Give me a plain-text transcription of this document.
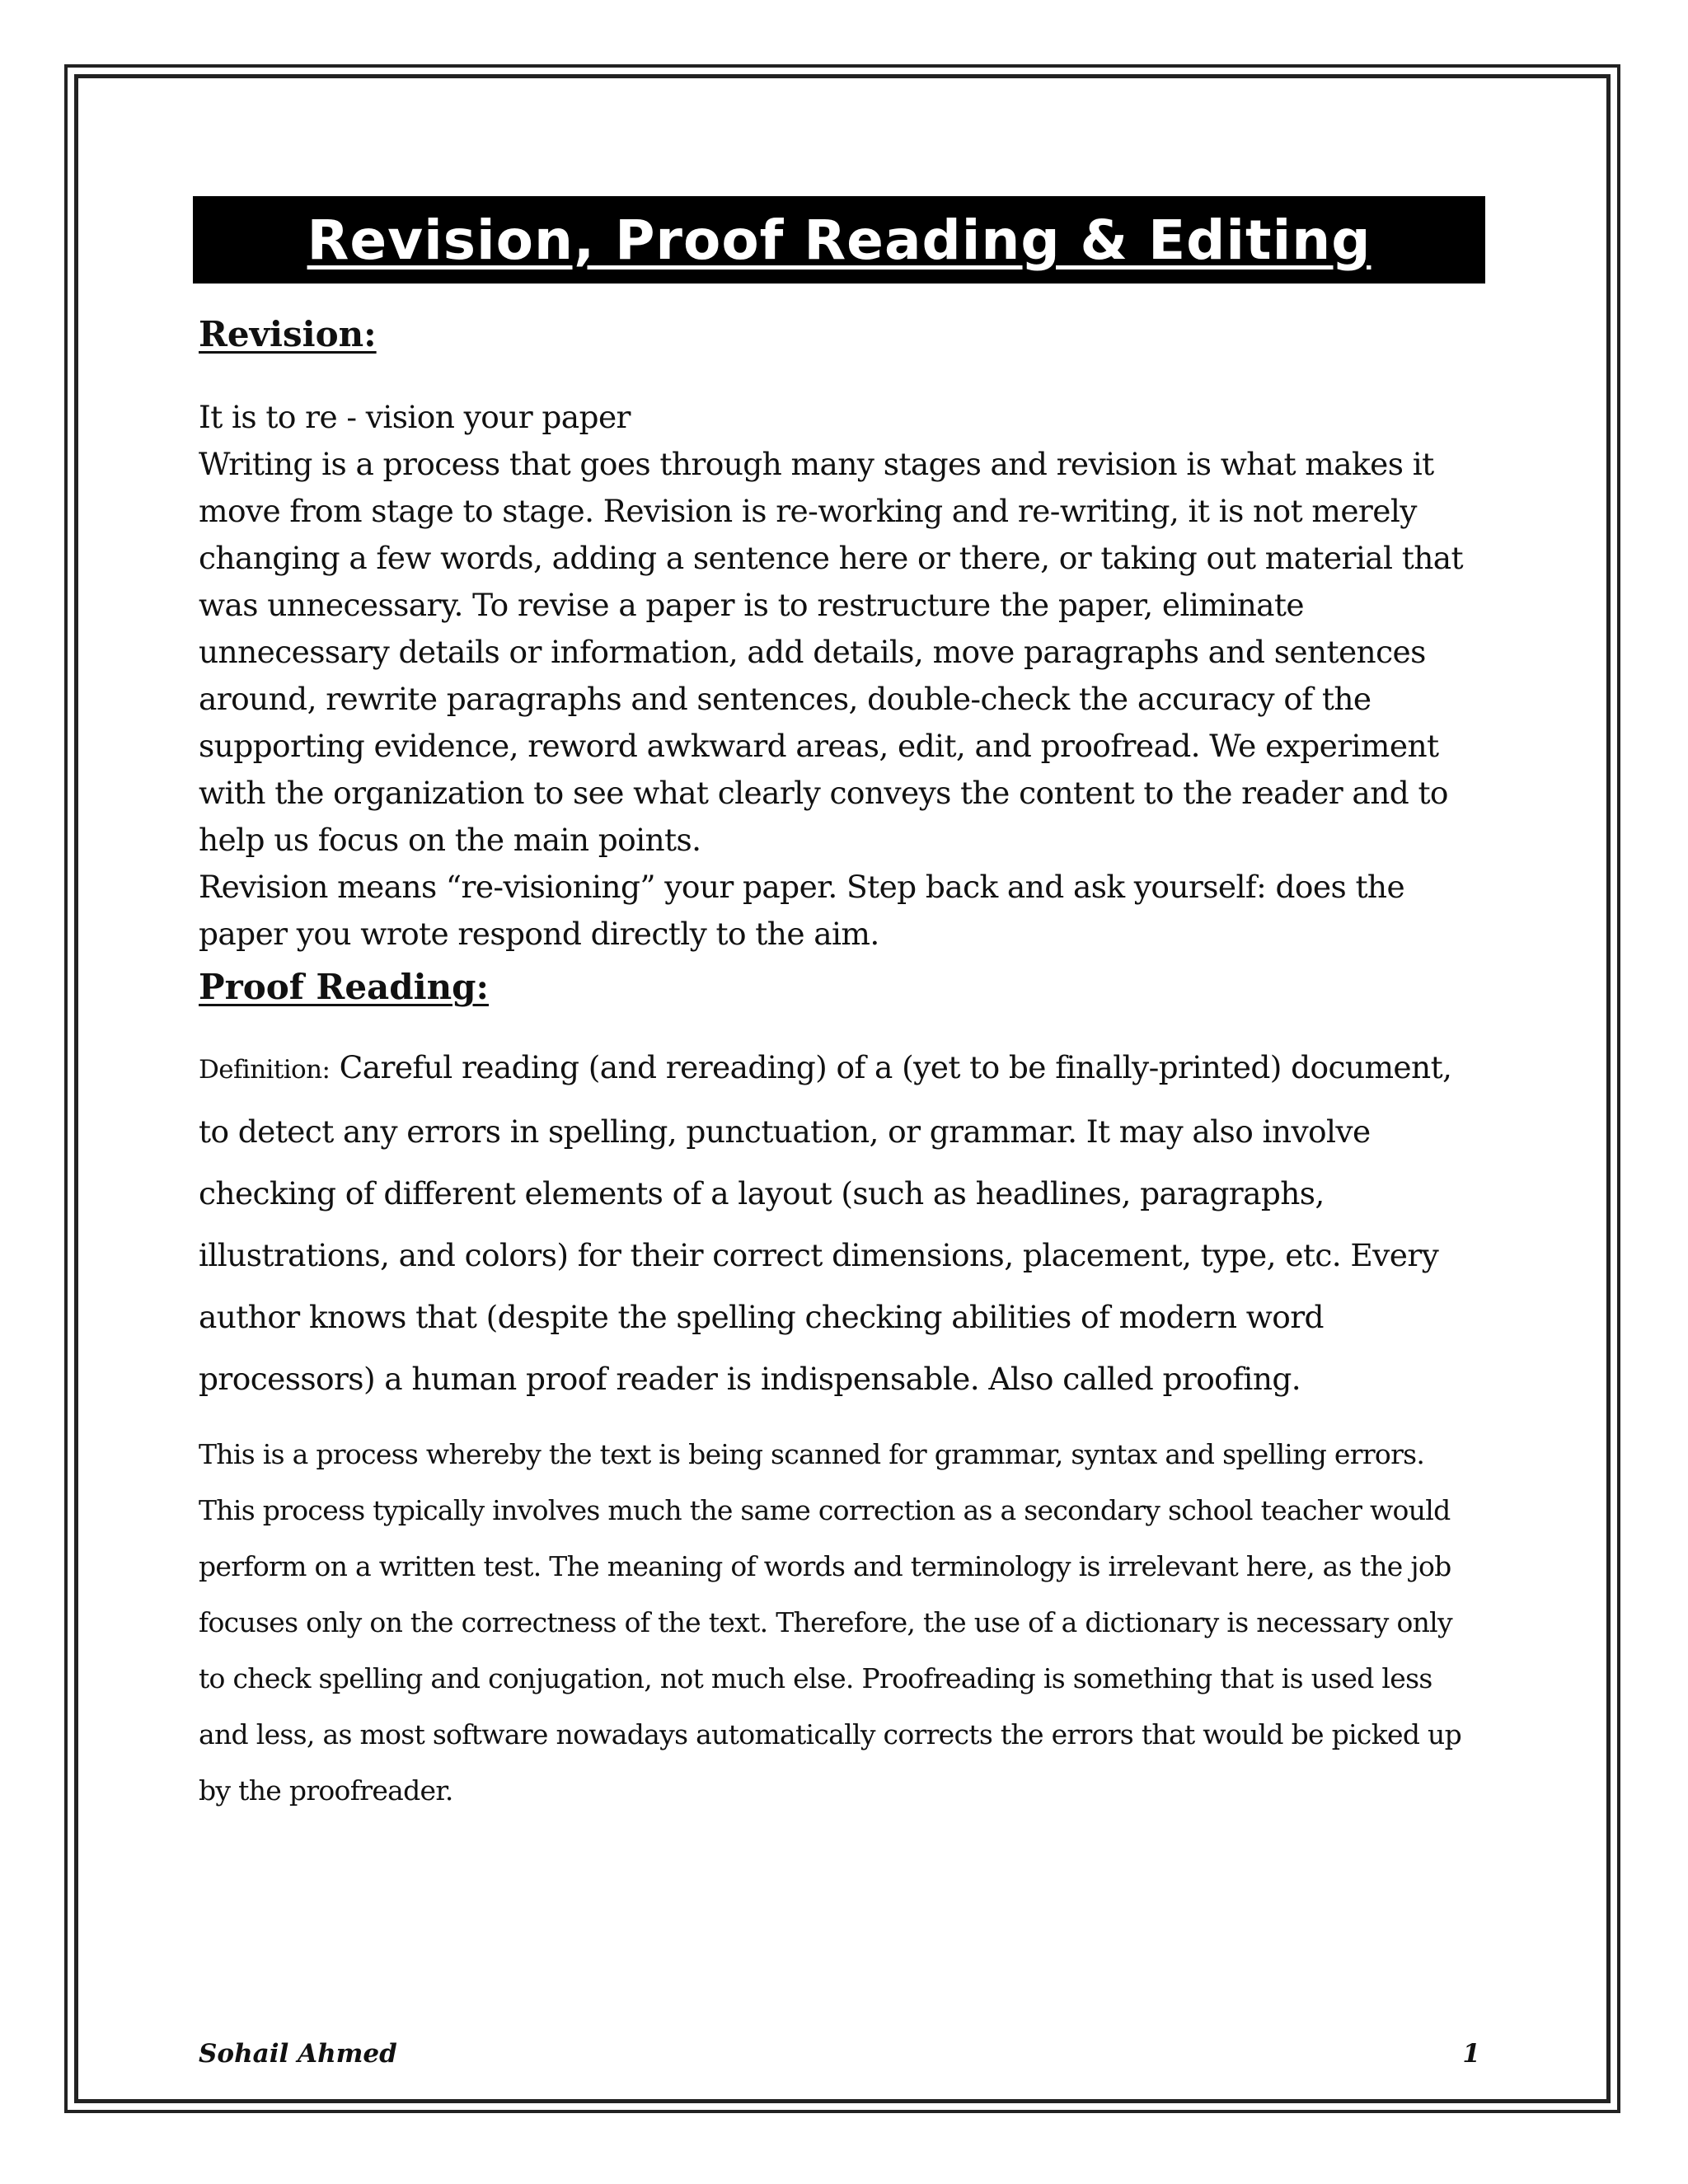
Revision, Proof Reading & Editing
Revision:

It is to re - vision your paper

Writing is a process that goes through many stages and revision is what makes it move from stage to stage. Revision is re-working and re-writing, it is not merely changing a few words, adding a sentence here or there, or taking out material that was unnecessary. To revise a paper is to restructure the paper, eliminate unnecessary details or information, add details, move paragraphs and sentences around, rewrite paragraphs and sentences, double-check the accuracy of the supporting evidence, reword awkward areas, edit, and proofread. We experiment with the organization to see what clearly conveys the content to the reader and to help us focus on the main points.

Revision means “re-visioning” your paper. Step back and ask yourself: does the paper you wrote respond directly to the aim.

Proof Reading:
Definition: Careful reading (and rereading) of a (yet to be finally-printed) document, to detect any errors in spelling, punctuation, or grammar. It may also involve checking of different elements of a layout (such as headlines, paragraphs, illustrations, and colors) for their correct dimensions, placement, type, etc. Every author knows that (despite the spelling checking abilities of modern word processors) a human proof reader is indispensable. Also called proofing.
This is a process whereby the text is being scanned for grammar, syntax and spelling errors. This process typically involves much the same correction as a secondary school teacher would perform on a written test. The meaning of words and terminology is irrelevant here, as the job focuses only on the correctness of the text. Therefore, the use of a dictionary is necessary only to check spelling and conjugation, not much else. Proofreading is something that is used less and less, as most software nowadays automatically corrects the errors that would be picked up by the proofreader.
Sohail Ahmed	1
